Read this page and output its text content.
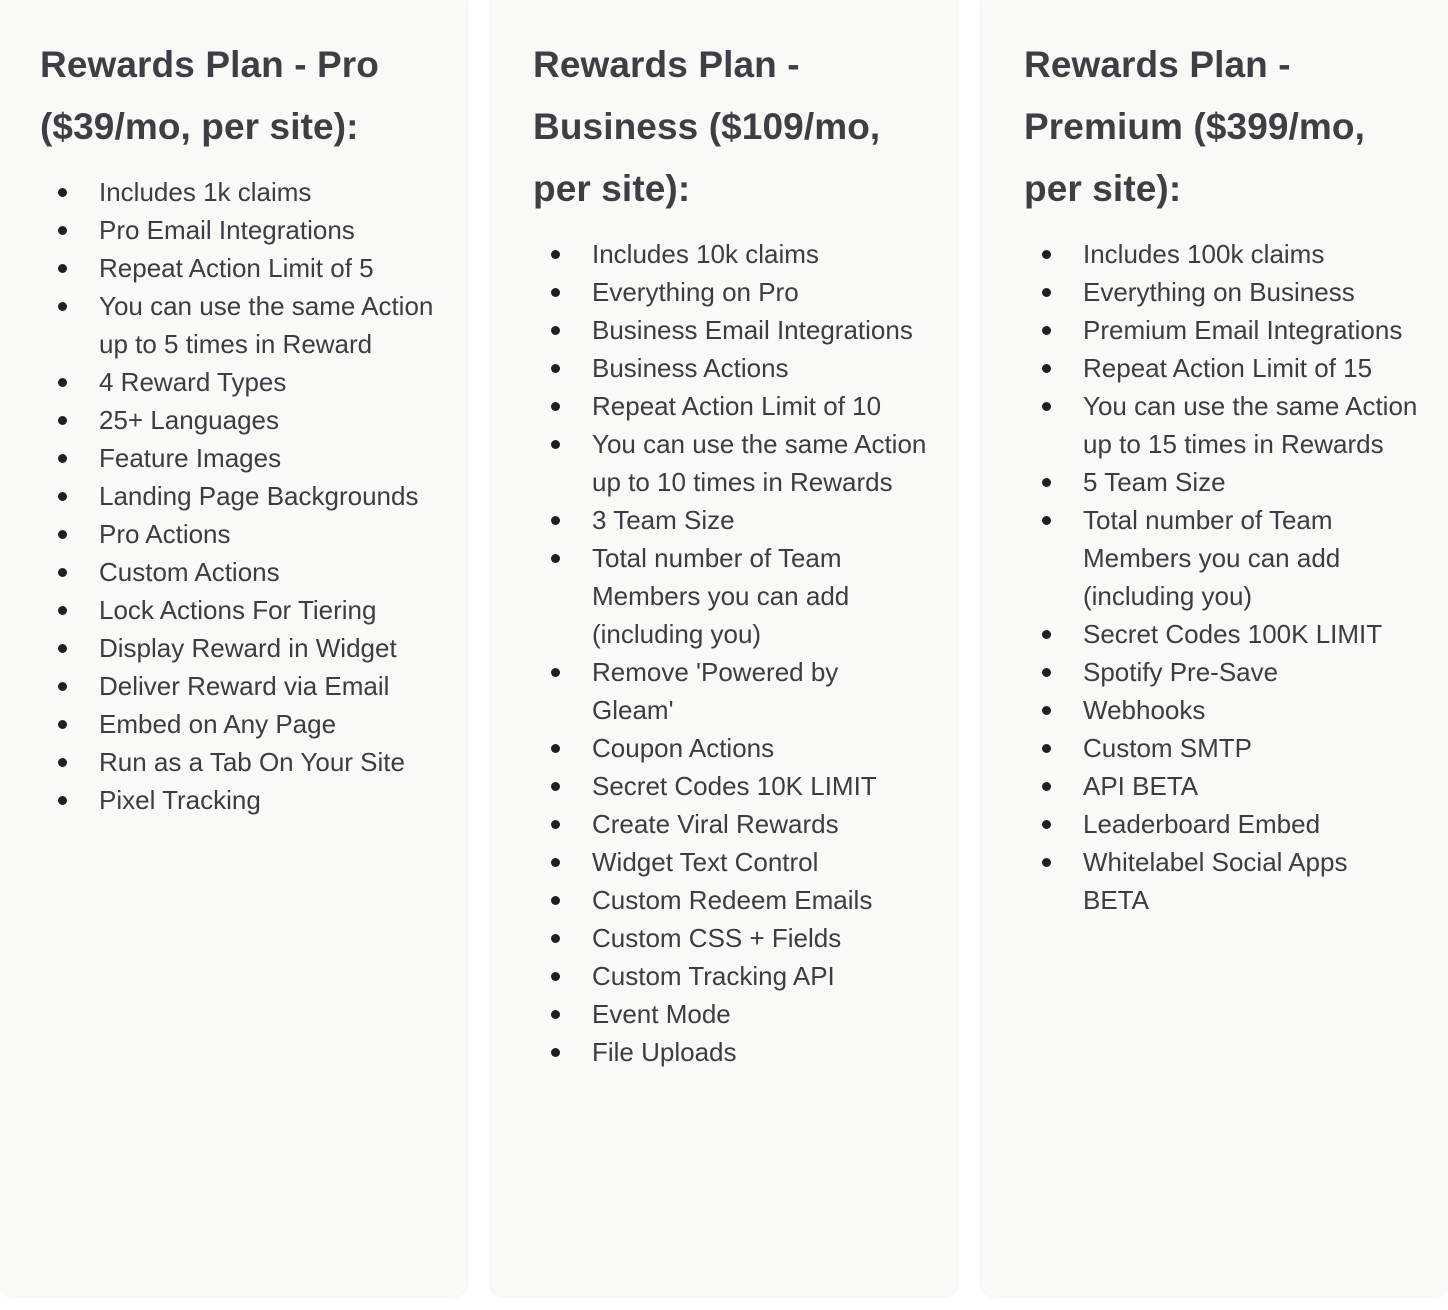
Rewards Plan - Pro ($39/mo, per site):
Includes 1k claims
Pro Email Integrations
Repeat Action Limit of 5
You can use the same Action up to 5 times in Reward
4 Reward Types
25+ Languages
Feature Images
Landing Page Backgrounds
Pro Actions
Custom Actions
Lock Actions For Tiering
Display Reward in Widget
Deliver Reward via Email
Embed on Any Page
Run as a Tab On Your Site
Pixel Tracking
Rewards Plan - Business ($109/mo, per site):
Includes 10k claims
Everything on Pro
Business Email Integrations
Business Actions
Repeat Action Limit of 10
You can use the same Action up to 10 times in Rewards
3 Team Size
Total number of Team Members you can add (including you)
Remove 'Powered by Gleam'
Coupon Actions
Secret Codes 10K LIMIT
Create Viral Rewards
Widget Text Control
Custom Redeem Emails
Custom CSS + Fields
Custom Tracking API
Event Mode
File Uploads
Rewards Plan - Premium ($399/mo, per site):
Includes 100k claims
Everything on Business
Premium Email Integrations
Repeat Action Limit of 15
You can use the same Action up to 15 times in Rewards
5 Team Size
Total number of Team Members you can add (including you)
Secret Codes 100K LIMIT
Spotify Pre-Save
Webhooks
Custom SMTP
API BETA
Leaderboard Embed
Whitelabel Social Apps BETA
